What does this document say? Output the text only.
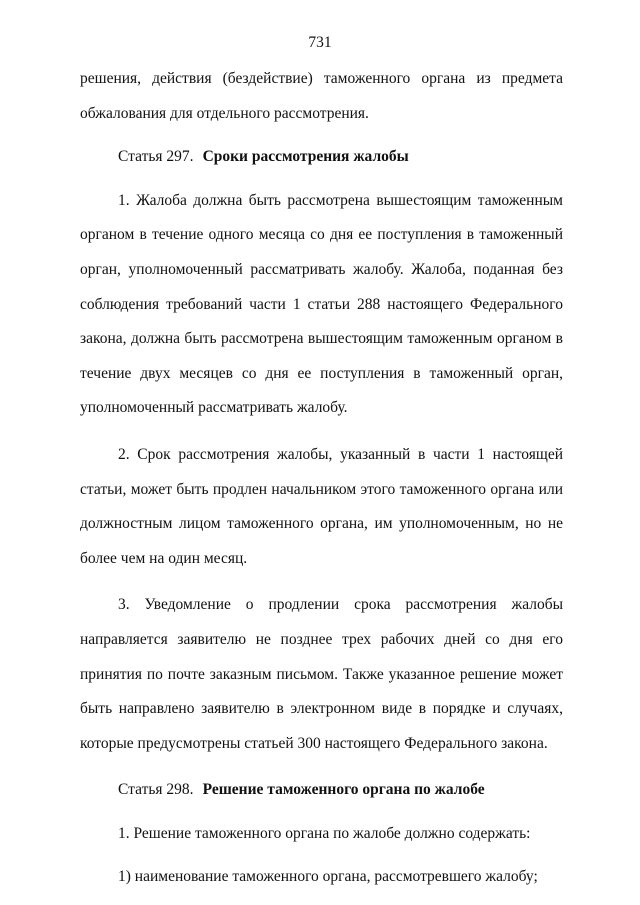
731

решения, действия (бездействие) таможенного органа из предмета обжалования для отдельного рассмотрения.

Статья 297. Сроки рассмотрения жалобы

1. Жалоба должна быть рассмотрена вышестоящим таможенным органом в течение одного месяца со дня ее поступления в таможенный орган, уполномоченный рассматривать жалобу. Жалоба, поданная без соблюдения требований части 1 статьи 288 настоящего Федерального закона, должна быть рассмотрена вышестоящим таможенным органом в течение двух месяцев со дня ее поступления в таможенный орган, уполномоченный рассматривать жалобу.

2. Срок рассмотрения жалобы, указанный в части 1 настоящей статьи, может быть продлен начальником этого таможенного органа или должностным лицом таможенного органа, им уполномоченным, но не более чем на один месяц.

3. Уведомление о продлении срока рассмотрения жалобы направляется заявителю не позднее трех рабочих дней со дня его принятия по почте заказным письмом. Также указанное решение может быть направлено заявителю в электронном виде в порядке и случаях, которые предусмотрены статьей 300 настоящего Федерального закона.

Статья 298. Решение таможенного органа по жалобе

1. Решение таможенного органа по жалобе должно содержать:

1) наименование таможенного органа, рассмотревшего жалобу;
